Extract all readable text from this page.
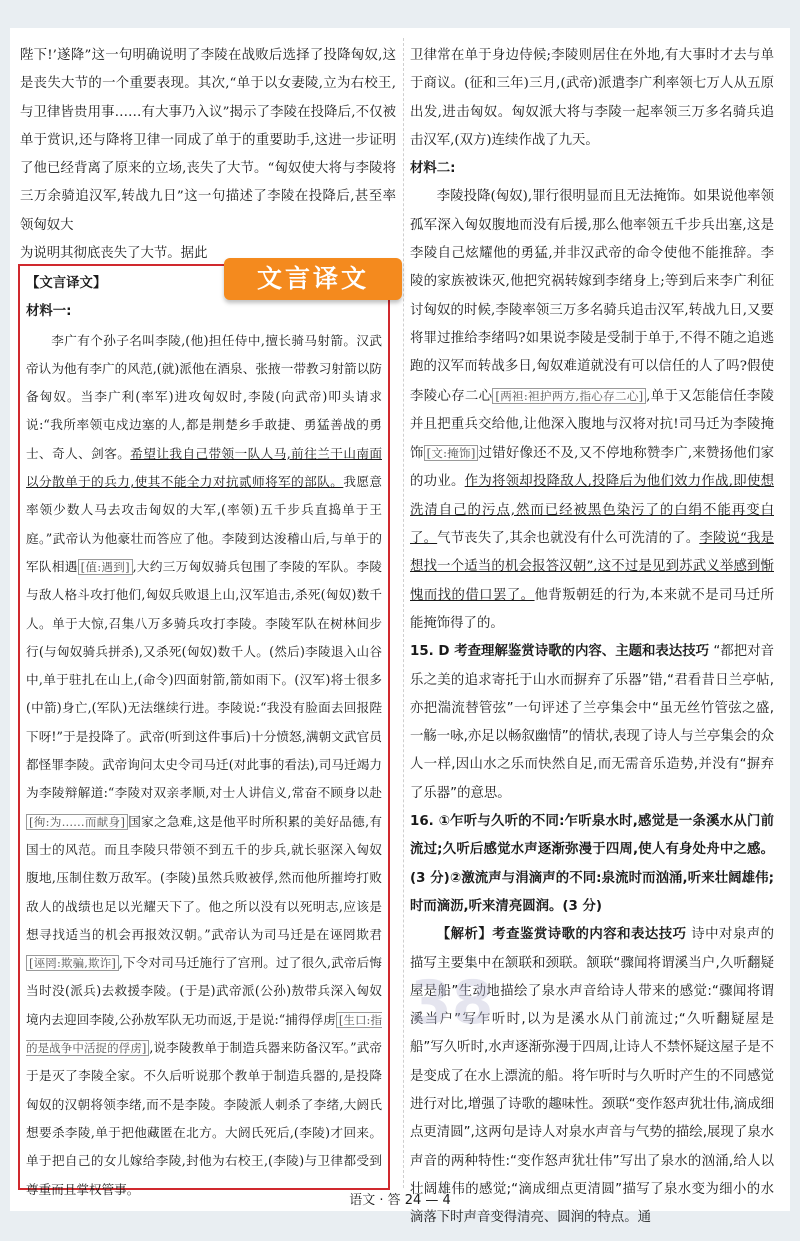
陛下!’遂降”这一句明确说明了李陵在战败后选择了投降匈奴,这是丧失大节的一个重要表现。其次,“单于以女妻陵,立为右校王,与卫律皆贵用事……有大事乃入议”揭示了李陵在投降后,不仅被单于赏识,还与降将卫律一同成了单于的重要助手,这进一步证明了他已经背离了原来的立场,丧失了大节。“匈奴使大将与李陵将三万余骑追汉军,转战九日”这一句描述了李陵在投降后,甚至率领匈奴大

为说明其彻底丧失了大节。据此

文言译文

【文言译文】

材料一:

李广有个孙子名叫李陵,(他)担任侍中,擅长骑马射箭。汉武帝认为他有李广的风范,(就)派他在酒泉、张掖一带教习射箭以防备匈奴。当李广利(率军)进攻匈奴时,李陵(向武帝)叩头请求说:“我所率领屯戍边塞的人,都是荆楚乡手敢捷、勇猛善战的勇士、奇人、剑客。希望让我自己带领一队人马,前往兰干山南面以分散单于的兵力,使其不能全力对抗贰师将军的部队。我愿意率领少数人马去攻击匈奴的大军,(率领)五千步兵直捣单于王庭。”武帝认为他豪壮而答应了他。李陵到达浚稽山后,与单于的军队相遇 [值:遇到] ,大约三万匈奴骑兵包围了李陵的军队。李陵与敌人格斗攻打他们,匈奴兵败退上山,汉军追击,杀死(匈奴)数千人。单于大惊,召集八万多骑兵攻打李陵。李陵军队在树林间步行(与匈奴骑兵拼杀),又杀死(匈奴)数千人。(然后)李陵退入山谷中,单于驻扎在山上,(命令)四面射箭,箭如雨下。(汉军)将士很多(中箭)身亡,(军队)无法继续行进。李陵说:“我没有脸面去回报陛下呀!”于是投降了。武帝(听到这件事后)十分愤怒,满朝文武官员都怪罪李陵。武帝询问太史令司马迁(对此事的看法),司马迁竭力为李陵辩解道:“李陵对双亲孝顺,对士人讲信义,常奋不顾身以赴[徇:为……而献身] 国家之急难,这是他平时所积累的美好品德,有国士的风范。而且李陵只带领不到五千的步兵,就长驱深入匈奴腹地,压制住数万敌军。(李陵)虽然兵败被俘,然而他所摧垮打败敌人的战绩也足以光耀天下了。他之所以没有以死明志,应该是想寻找适当的机会再报效汉朝。”武帝认为司马迁是在诬罔欺君[诬罔:欺骗,欺诈] ,下令对司马迁施行了宫刑。过了很久,武帝后悔当时没(派兵)去救援李陵。(于是)武帝派(公孙)敖带兵深入匈奴境内去迎回李陵,公孙敖军队无功而返,于是说:“捕得俘虏 [生口:指的是战争中活捉的俘虏] ,说李陵教单于制造兵器来防备汉军。”武帝于是灭了李陵全家。不久后听说那个教单于制造兵器的,是投降匈奴的汉朝将领李绪,而不是李陵。李陵派人刺杀了李绪,大阏氏想要杀李陵,单于把他藏匿在北方。大阏氏死后,(李陵)才回来。单于把自己的女儿嫁给李陵,封他为右校王,(李陵)与卫律都受到尊重而且掌权管事。

卫律常在单于身边侍候;李陵则居住在外地,有大事时才去与单于商议。(征和三年)三月,(武帝)派遣李广利率领七万人从五原出发,进击匈奴。匈奴派大将与李陵一起率领三万多名骑兵追击汉军,(双方)连续作战了九天。

材料二:

李陵投降(匈奴),罪行很明显而且无法掩饰。如果说他率领孤军深入匈奴腹地而没有后援,那么他率领五千步兵出塞,这是李陵自己炫耀他的勇猛,并非汉武帝的命令使他不能推辞。李陵的家族被诛灭,他把究祸转嫁到李绪身上;等到后来李广利征讨匈奴的时候,李陵率领三万多名骑兵追击汉军,转战九日,又要将罪过推给李绪吗?如果说李陵是受制于单于,不得不随之追逃跑的汉军而转战多日,匈奴难道就没有可以信任的人了吗?假使李陵心存二心 [两袒:袒护两方,指心存二心] ,单于又怎能信任李陵并且把重兵交给他,让他深入腹地与汉将对抗!司马迁为李陵掩饰 [文:掩饰] 过错好像还不及,又不停地称赞李广,来赞扬他们家的功业。作为将领却投降敌人,投降后为他们效力作战,即使想洗清自己的污点,然而已经被黑色染污了的白绢不能再变白了。气节丧失了,其余也就没有什么可洗清的了。李陵说“我是想找一个适当的机会报答汉朝”,这不过是见到苏武义举感到惭愧而找的借口罢了。他背叛朝廷的行为,本来就不是司马迁所能掩饰得了的。

15. D 考查理解鉴赏诗歌的内容、主题和表达技巧 “都把对音乐之美的追求寄托于山水而摒弃了乐器”错,“君看昔日兰亭帖,亦把湍流替管弦”一句评述了兰亭集会中“虽无丝竹管弦之盛,一觞一咏,亦足以畅叙幽情”的情状,表现了诗人与兰亭集会的众人一样,因山水之乐而快然自足,而无需音乐造势,并没有“摒弃了乐器”的意思。

16. ①乍听与久听的不同:乍听泉水时,感觉是一条溪水从门前流过;久听后感觉水声逐渐弥漫于四周,使人有身处舟中之感。(3 分)②激流声与涓滴声的不同:泉流时而汹涌,听来壮阔雄伟;时而滴沥,听来清亮圆润。(3 分)

【解析】考查鉴赏诗歌的内容和表达技巧 诗中对泉声的描写主要集中在颔联和颈联。颔联“骤闻将谓溪当户,久听翻疑屋是船”生动地描绘了泉水声音给诗人带来的感觉:“骤闻将谓溪当户”写乍听时,以为是溪水从门前流过;“久听翻疑屋是船”写久听时,水声逐渐弥漫于四周,让诗人不禁怀疑这屋子是不是变成了在水上漂流的船。将乍听时与久听时产生的不同感觉进行对比,增强了诗歌的趣味性。颈联“变作怒声犹壮伟,滴成细点更清圆”,这两句是诗人对泉水声音与气势的描绘,展现了泉水声音的两种特性:“变作怒声犹壮伟”写出了泉水的汹涌,给人以壮阔雄伟的感觉;“滴成细点更清圆”描写了泉水变为细小的水滴落下时声音变得清亮、圆润的特点。通

38
语文 · 答 24 — 4
